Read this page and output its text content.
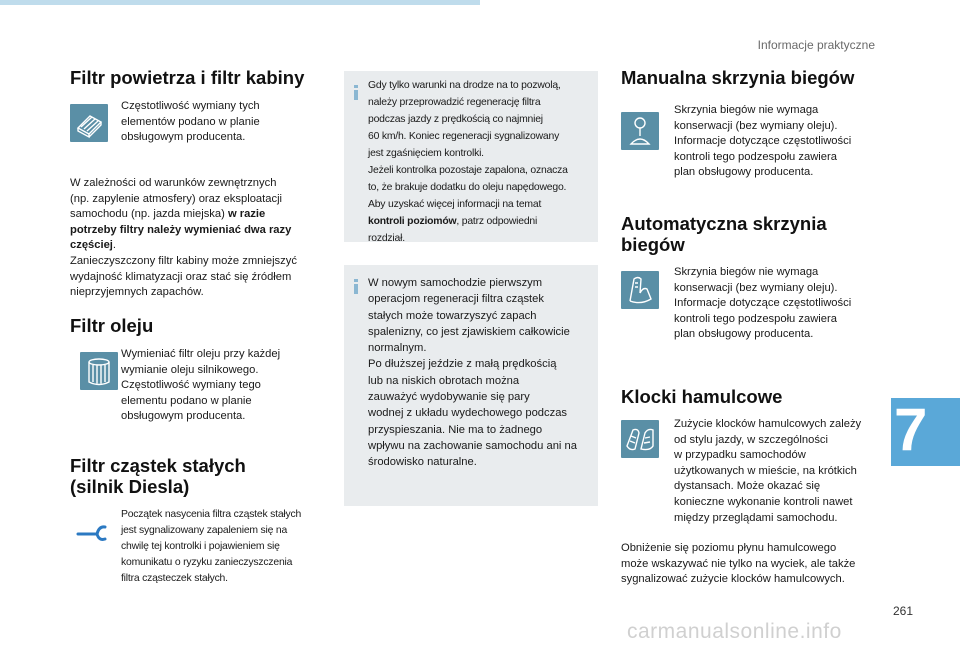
Informacje praktyczne
Filtr powietrza i filtr kabiny
Częstotliwość wymiany tych
elementów podano w planie
obsługowym producenta.
W zależności od warunków zewnętrznych
(np. zapylenie atmosfery) oraz eksploatacji
samochodu (np. jazda miejska) w razie
potrzeby filtry należy wymieniać dwa razy
częściej.
Zanieczyszczony filtr kabiny może zmniejszyć
wydajność klimatyzacji oraz stać się źródłem
nieprzyjemnych zapachów.
Filtr oleju
Wymieniać filtr oleju przy każdej
wymianie oleju silnikowego.
Częstotliwość wymiany tego
elementu podano w planie
obsługowym producenta.
Filtr cząstek stałych
(silnik Diesla)
Początek nasycenia filtra cząstek stałych
jest sygnalizowany zapaleniem się na
chwilę tej kontrolki i pojawieniem się
komunikatu o ryzyku zanieczyszczenia
filtra cząsteczek stałych.
Gdy tylko warunki na drodze na to pozwolą,
należy przeprowadzić regenerację filtra
podczas jazdy z prędkością co najmniej
60 km/h. Koniec regeneracji sygnalizowany
jest zgaśnięciem kontrolki.
Jeżeli kontrolka pozostaje zapalona, oznacza
to, że brakuje dodatku do oleju napędowego.
Aby uzyskać więcej informacji na temat
kontroli poziomów, patrz odpowiedni
rozdział.
W nowym samochodzie pierwszym
operacjom regeneracji filtra cząstek
stałych może towarzyszyć zapach
spalenizny, co jest zjawiskiem całkowicie
normalnym.
Po dłuższej jeździe z małą prędkością
lub na niskich obrotach można
zauważyć wydobywanie się pary
wodnej z układu wydechowego podczas
przyspieszania. Nie ma to żadnego
wpływu na zachowanie samochodu ani na
środowisko naturalne.
Manualna skrzynia biegów
Skrzynia biegów nie wymaga
konserwacji (bez wymiany oleju).
Informacje dotyczące częstotliwości
kontroli tego podzespołu zawiera
plan obsługowy producenta.
Automatyczna skrzynia
biegów
Skrzynia biegów nie wymaga
konserwacji (bez wymiany oleju).
Informacje dotyczące częstotliwości
kontroli tego podzespołu zawiera
plan obsługowy producenta.
Klocki hamulcowe
Zużycie klocków hamulcowych zależy
od stylu jazdy, w szczególności
w przypadku samochodów
użytkowanych w mieście, na krótkich
dystansach. Może okazać się
konieczne wykonanie kontroli nawet
między przeglądami samochodu.
Obniżenie się poziomu płynu hamulcowego
może wskazywać nie tylko na wyciek, ale także
sygnalizować zużycie klocków hamulcowych.
7
261
carmanualsonline.info
